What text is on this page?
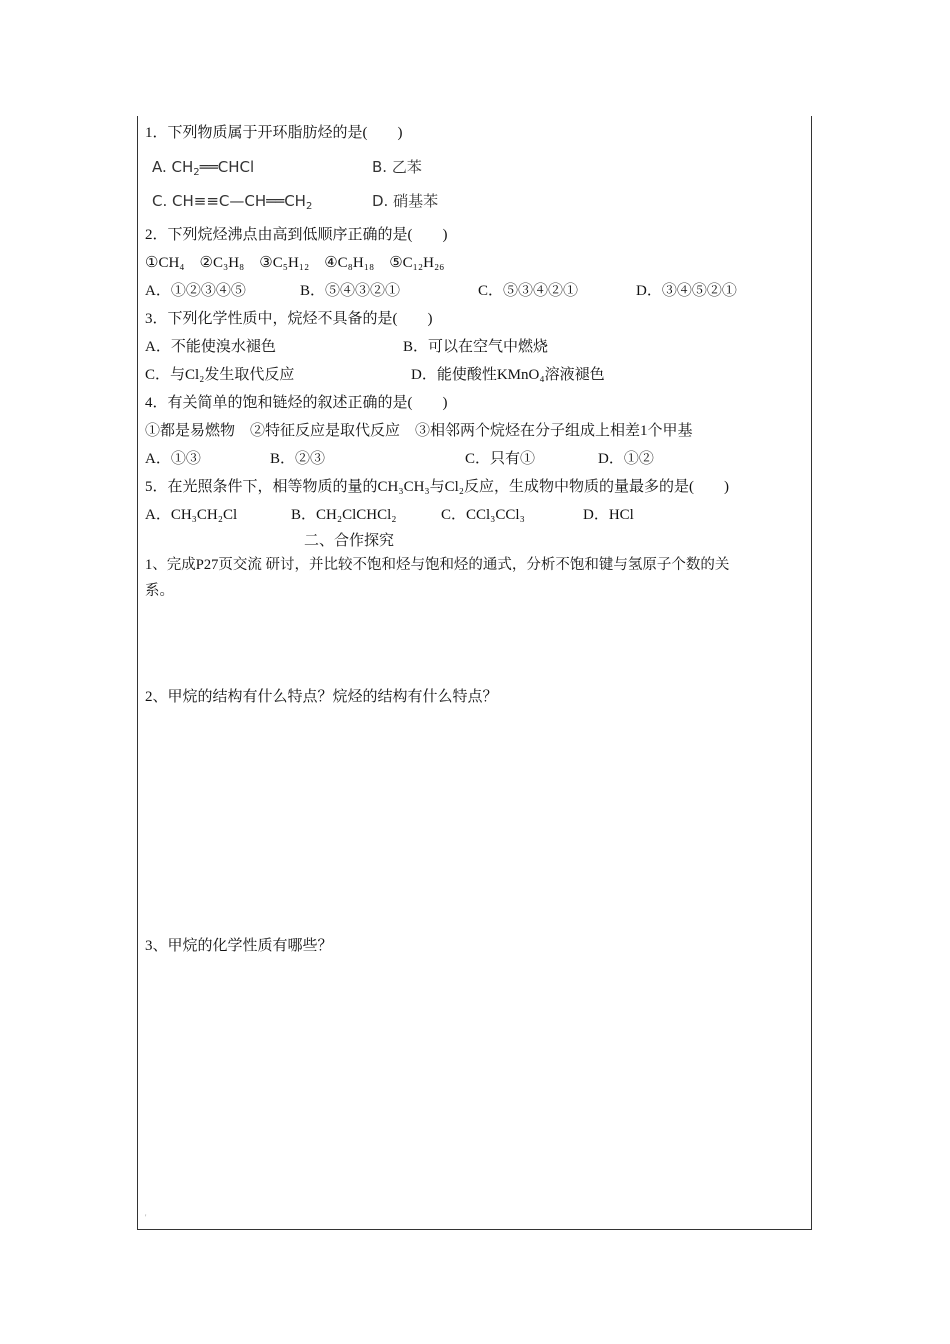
1．下列物质属于开环脂肪烃的是(　　)
A. $CH_2══CHCl$	B. 乙苯
C. $CH\equiv\equiv C—CH══CH_2$	D. 硝基苯
2．下列烷烃沸点由高到低顺序正确的是(　　)
①CH₄　②C₃H₈　③C₅H₁₂　④C₈H₁₈　⑤C₁₂H₂₆
A．①②③④⑤	B．⑤④③②①	C．⑤③④②①	D．③④⑤②①
3．下列化学性质中，烷烃不具备的是(　　)
A．不能使溴水褪色	B．可以在空气中燃烧
C．与Cl₂发生取代反应	D．能使酸性KMnO₄溶液褪色
4．有关简单的饱和链烃的叙述正确的是(　　)
①都是易燃物　②特征反应是取代反应　③相邻两个烷烃在分子组成上相差1个甲基
A．①③	B．②③	C．只有①	D．①②
5．在光照条件下，相等物质的量的CH₃CH₃与Cl₂反应，生成物中物质的量最多的是(　　)
A．CH₃CH₂Cl	B．CH₂ClCHCl₂	C．CCl₃CCl₃	D．HCl
二、合作探究
1、完成P27页交流 研讨，并比较不饱和烃与饱和烃的通式，分析不饱和键与氢原子个数的关
系。
2、甲烷的结构有什么特点？烷烃的结构有什么特点？
3、甲烷的化学性质有哪些？
'
